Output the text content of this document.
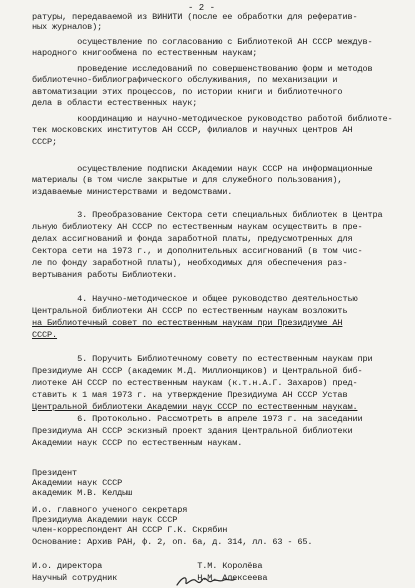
- 2 -
ратуры, передаваемой из ВИНИТИ (после ее обработки для рефератив-
ных журналов);
осуществление по согласованию с Библиотекой АН СССР междув-
народного книгообмена по естественным наукам;
проведение исследований по совершенствованию форм и методов
библиотечно-библиографического обслуживания, по механизации и
автоматизации этих процессов, по истории книги и библиотечного
дела в области естественных наук;
координацию и научно-методическое руководство работой библиоте-
тек московских институтов АН СССР, филиалов и научных центров АН
СССР;
осуществление подписки Академии наук СССР на информационные
материалы (в том числе закрытые и для служебного пользования),
издаваемые министерствами и ведомствами.
3. Преобразование Сектора сети специальных библиотек в Центра
льную библиотеку АН СССР по естественным наукам осуществить в пре-
делах ассигнований и фонда заработной платы, предусмотренных для
Сектора сети на 1973 г., и дополнительных ассигнований (в том чис-
ле по фонду заработной платы), необходимых для обеспечения раз-
вертывания работы Библиотеки.
4. Научно-методическое и общее руководство деятельностью
Центральной библиотеки АН СССР по естественным наукам возложить
на Библиотечный совет по естественным наукам при Президиуме АН
СССР.
5. Поручить Библиотечному совету по естественным наукам при
Президиуме АН СССР (академик М.Д. Миллионщиков) и Центральной биб-
лиотеке АН СССР по естественным наукам (к.т.н.А.Г. Захаров) пред-
ставить к 1 мая 1973 г. на утверждение Президиума АН СССР Устав
Центральной библиотеки Академии наук СССР по естественным наукам.
6. Протокольно. Рассмотреть в апреле 1973 г. на заседании
Президиума АН СССР эскизный проект здания Центральной библиотеки
Академии наук СССР по естественным наукам.
Президент
Академии наук СССР
академик М.В. Келдыш
И.о. главного ученого секретаря
Президиума Академии наук СССР
член-корреспондент АН СССР Г.К. Скрябин
Основание: Архив РАН, ф. 2, оп. 6а, д. 314, лл. 63 - 65.
И.о. директора                   Т.М. Королёва
Научный сотрудник                Н.М. Алексеева
